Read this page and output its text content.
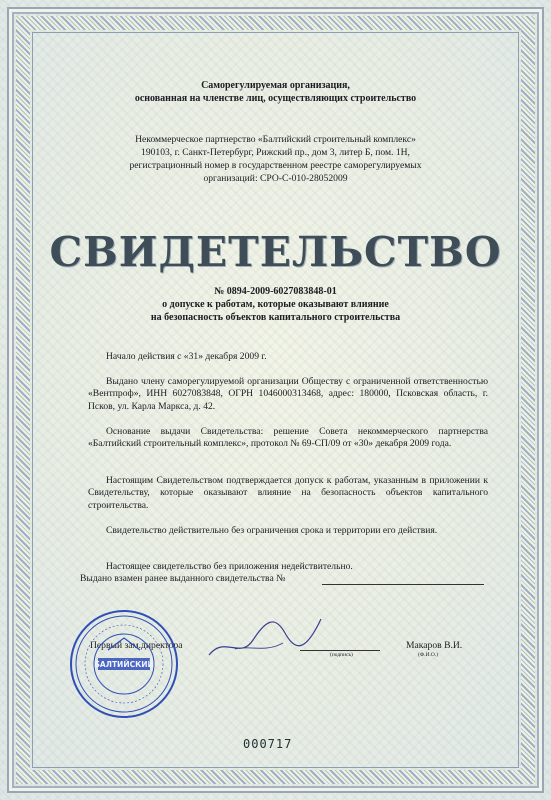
Саморегулируемая организация,

основанная на членстве лиц, осуществляющих строительство

Некоммерческое партнерство «Балтийский строительный комплекс»

190103, г. Санкт-Петербург, Рижский пр., дом 3, литер Б, пом. 1Н,

регистрационный номер в государственном реестре саморегулируемых

организаций: СРО-С-010-28052009

СВИДЕТЕЛЬСТВО

№ 0894-2009-6027083848-01

о допуске к работам, которые оказывают влияние

на безопасность объектов капитального строительства

Начало действия с «31» декабря 2009 г.

Выдано члену саморегулируемой организации Обществу с ограниченной ответственностью «Вентпроф», ИНН 6027083848, ОГРН 1046000313468, адрес: 180000, Псковская область, г. Псков, ул. Карла Маркса, д. 42.

Основание выдачи Свидетельства: решение Совета некоммерческого партнерства «Балтийский строительный комплекс», протокол № 69-СП/09 от «30» декабря 2009 года.

Настоящим Свидетельством подтверждается допуск к работам, указанным в приложении к Свидетельству, которые оказывают влияние на безопасность объектов капитального строительства.

Свидетельство действительно без ограничения срока и территории его действия.

Настоящее свидетельство без приложения недействительно.

Выдано взамен ранее выданного свидетельства №

Первый зам.директора

(подпись)

Макаров В.И.

(Ф.И.О.)

БАЛТИЙСКИЙ
000717
